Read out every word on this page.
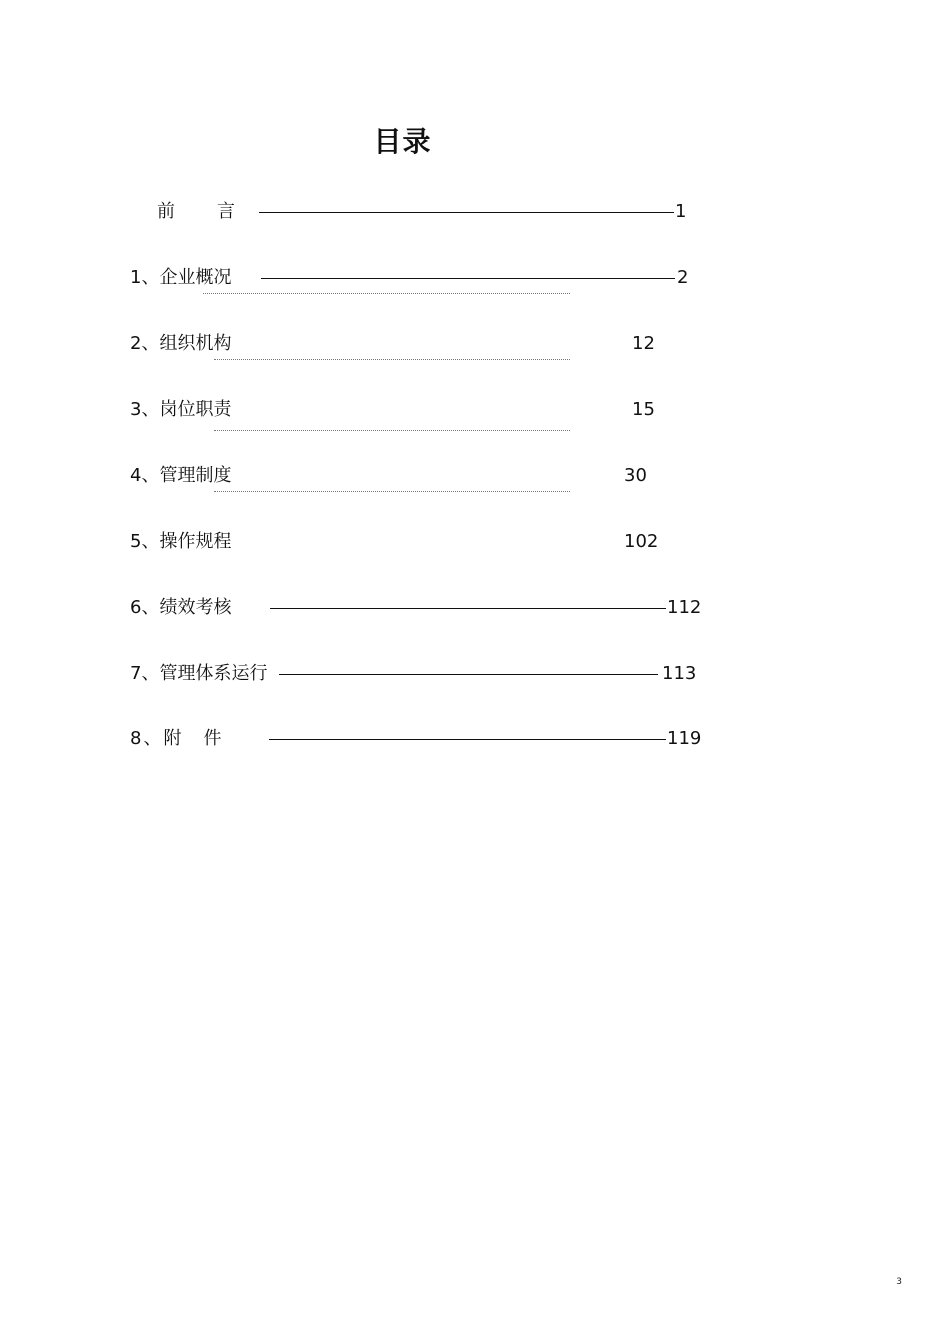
目录
前　言	1
1、企业概况	2
2、组织机构	12
3、岗位职责	15
4、管理制度	30
5、操作规程	102
6、绩效考核	112
7、管理体系运行	113
8、附　件	119
3
